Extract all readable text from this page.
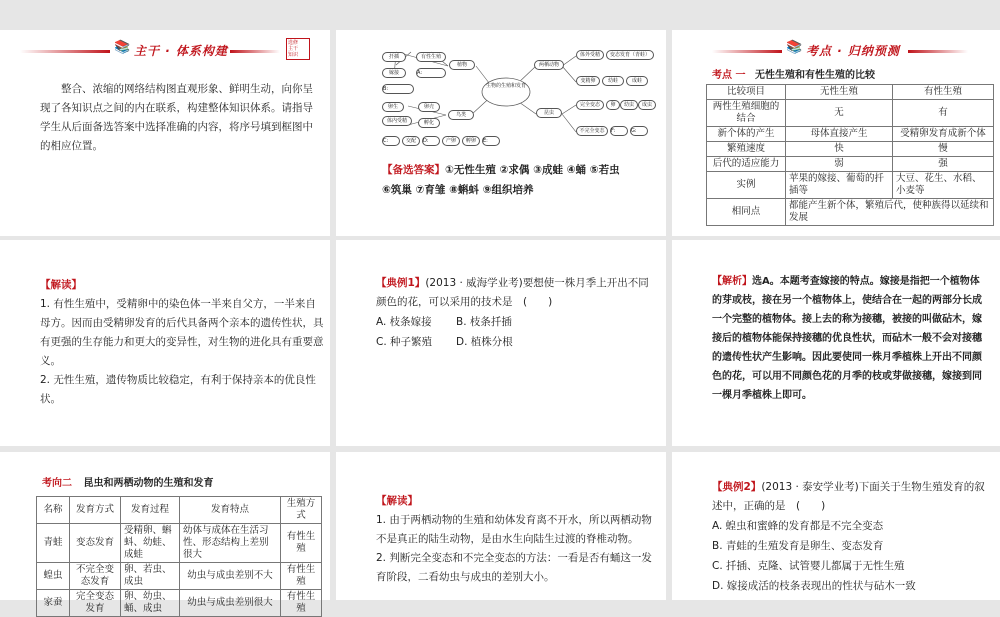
📚 主干 · 体系构建
选修
主干
知识
整合、浓缩的网络结构图直观形象、鲜明生动，向你呈现了各知识点之间的内在联系，构建整体知识体系。请指导学生从后面备选答案中选择准确的内容，将序号填到框图中的相应位置。
生物的生殖和发育
植物
鸟类
扦插	有性生殖
嫁接	A:
B:
卵生
体内受精
卵壳
孵化
C:	交配	D:	产卵	孵卵	E:
两栖动物
体外受精	变态发育（青蛙）
变精卵	幼蛙	成蛙
昆虫
完全变态	卵	幼虫	成虫
不完全变态	F:	G:
【备选答案】①无性生殖 ②求偶 ③成蛙 ④蛹 ⑤若虫
⑥筑巢 ⑦育雏 ⑧蝌蚪 ⑨组织培养
📚 考点 · 归纳预测
考点 一 无性生殖和有性生殖的比较
比较项目	无性生殖	有性生殖
两性生殖细胞的结合	无	有
新个体的产生	母体直接产生	受精卵发育成新个体
繁殖速度	快	慢
后代的适应能力	弱	强
实例	苹果的嫁接、葡萄的扦插等	大豆、花生、水稻、小麦等
相同点	都能产生新个体，繁殖后代，使种族得以延续和发展	
【解读】
1. 有性生殖中，受精卵中的染色体一半来自父方，一半来自母方。因而由受精卵发育的后代具备两个亲本的遗传性状，具有更强的生存能力和更大的变异性，对生物的进化具有重要意义。
2. 无性生殖，遗传物质比较稳定，有利于保持亲本的优良性状。
【典例1】(2013 · 威海学业考)要想使一株月季上开出不同颜色的花，可以采用的技术是　(　　)
A. 枝条嫁接 B. 枝条扦插
C. 种子繁殖 D. 植株分根
【解析】选A。本题考查嫁接的特点。嫁接是指把一个植物体的芽或枝，接在另一个植物体上，使结合在一起的两部分长成一个完整的植物体。接上去的称为接穗，被接的叫做砧木，嫁接后的植物体能保持接穗的优良性状，而砧木一般不会对接穗的遗传性状产生影响。因此要使同一株月季植株上开出不同颜色的花，可以用不同颜色花的月季的枝或芽做接穗，嫁接到同一棵月季植株上即可。
考向二 昆虫和两栖动物的生殖和发育
名称	发育方式	发育过程	发育特点	生殖方式
青蛙	变态发育	受精卵、蝌蚪、幼蛙、成蛙	幼体与成体在生活习性、形态结构上差别很大	有性生殖
蝗虫	不完全变态发育	卵、若虫、成虫	幼虫与成虫差别不大	有性生殖
家蚕	完全变态发育	卵、幼虫、蛹、成虫	幼虫与成虫差别很大	有性生殖
【解读】
1. 由于两栖动物的生殖和幼体发育离不开水，所以两栖动物不是真正的陆生动物，是由水生向陆生过渡的脊椎动物。
2. 判断完全变态和不完全变态的方法：一看是否有蛹这一发育阶段，二看幼虫与成虫的差别大小。
【典例2】(2013 · 泰安学业考)下面关于生物生殖发育的叙述中，正确的是　(　　)
A. 蝗虫和蜜蜂的发育都是不完全变态
B. 青蛙的生殖发育是卵生、变态发育
C. 扦插、克隆、试管婴儿都属于无性生殖
D. 嫁接成活的枝条表现出的性状与砧木一致
